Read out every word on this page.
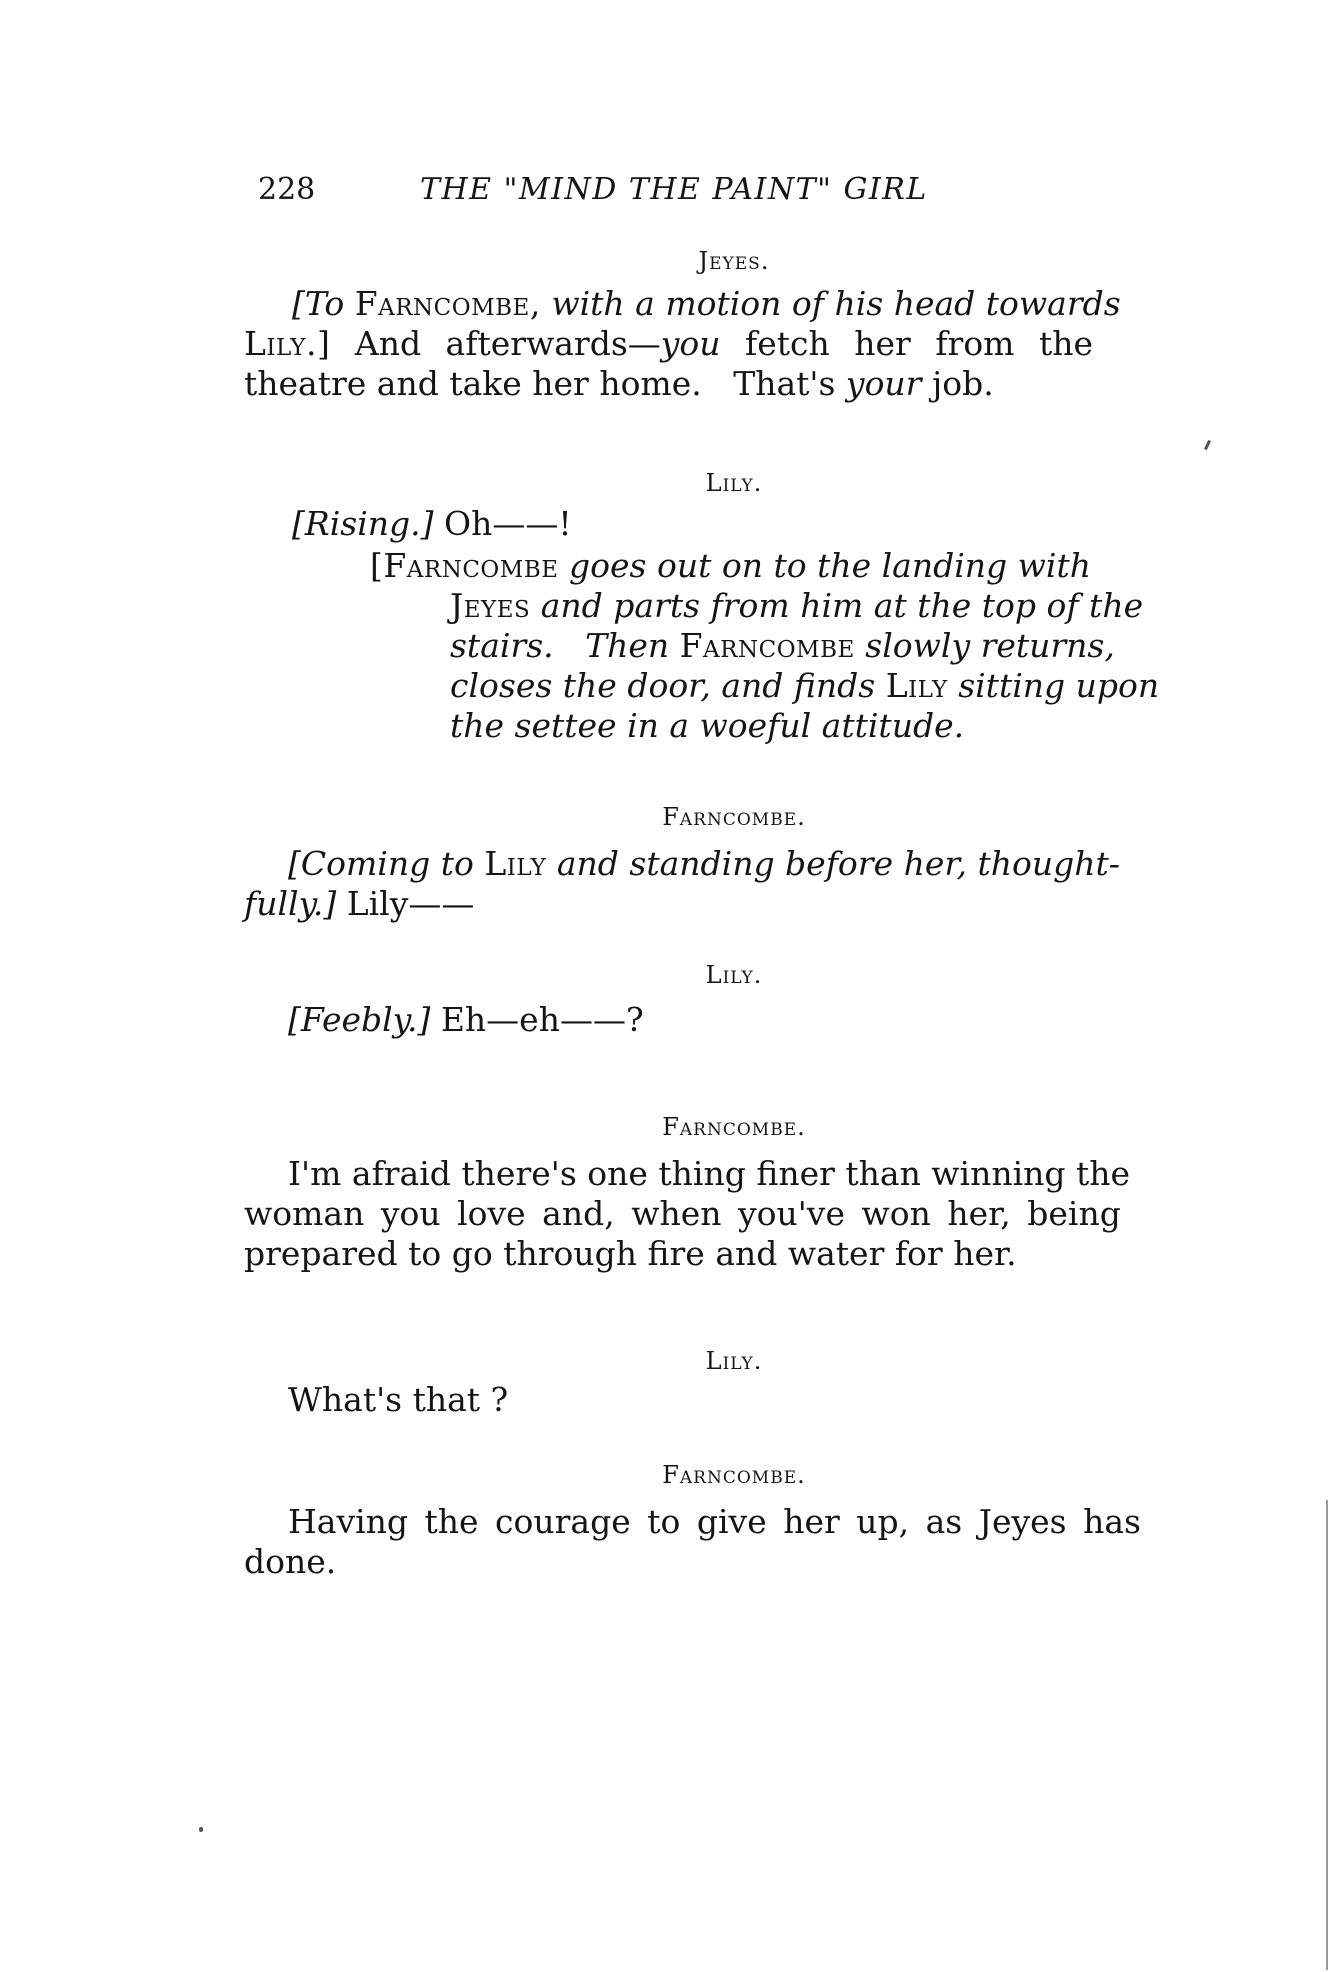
228	THE "MIND THE PAINT" GIRL
Jeyes.
[To Farncombe, with a motion of his head towards
Lily.] And afterwards—you fetch her from the
theatre and take her home.   That's your job.
Lily.
[Rising.] Oh——!
[Farncombe goes out on to the landing with
Jeyes and parts from him at the top of the
stairs.   Then Farncombe slowly returns,
closes the door, and finds Lily sitting upon
the settee in a woeful attitude.
Farncombe.
[Coming to Lily and standing before her, thought-
fully.] Lily——
Lily.
[Feebly.] Eh—eh——?
Farncombe.
I'm afraid there's one thing finer than winning the
woman you love and, when you've won her, being
prepared to go through fire and water for her.
Lily.
What's that ?
Farncombe.
Having the courage to give her up, as Jeyes has
done.
